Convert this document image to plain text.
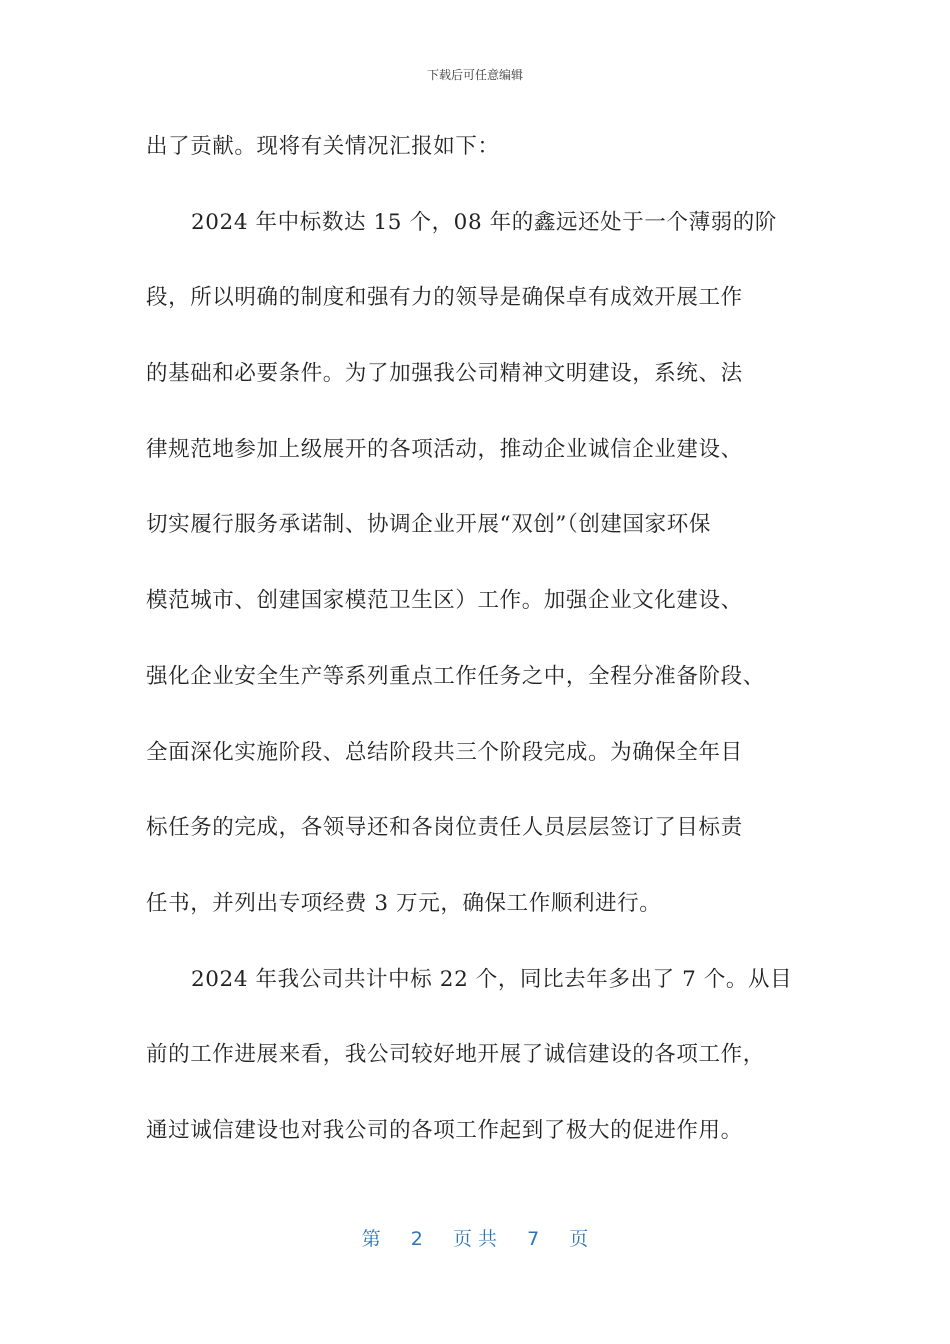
下载后可任意编辑
出了贡献。现将有关情况汇报如下：
2024 年中标数达 15 个，08 年的鑫远还处于一个薄弱的阶
段，所以明确的制度和强有力的领导是确保卓有成效开展工作
的基础和必要条件。为了加强我公司精神文明建设，系统、法
律规范地参加上级展开的各项活动，推动企业诚信企业建设、
切实履行服务承诺制、协调企业开展“双创”（创建国家环保
模范城市、创建国家模范卫生区）工作。加强企业文化建设、
强化企业安全生产等系列重点工作任务之中，全程分准备阶段、
全面深化实施阶段、总结阶段共三个阶段完成。为确保全年目
标任务的完成，各领导还和各岗位责任人员层层签订了目标责
任书，并列出专项经费 3 万元，确保工作顺利进行。
2024 年我公司共计中标 22 个，同比去年多出了 7 个。从目
前的工作进展来看，我公司较好地开展了诚信建设的各项工作，
通过诚信建设也对我公司的各项工作起到了极大的促进作用。
第 2 页 共 7 页
